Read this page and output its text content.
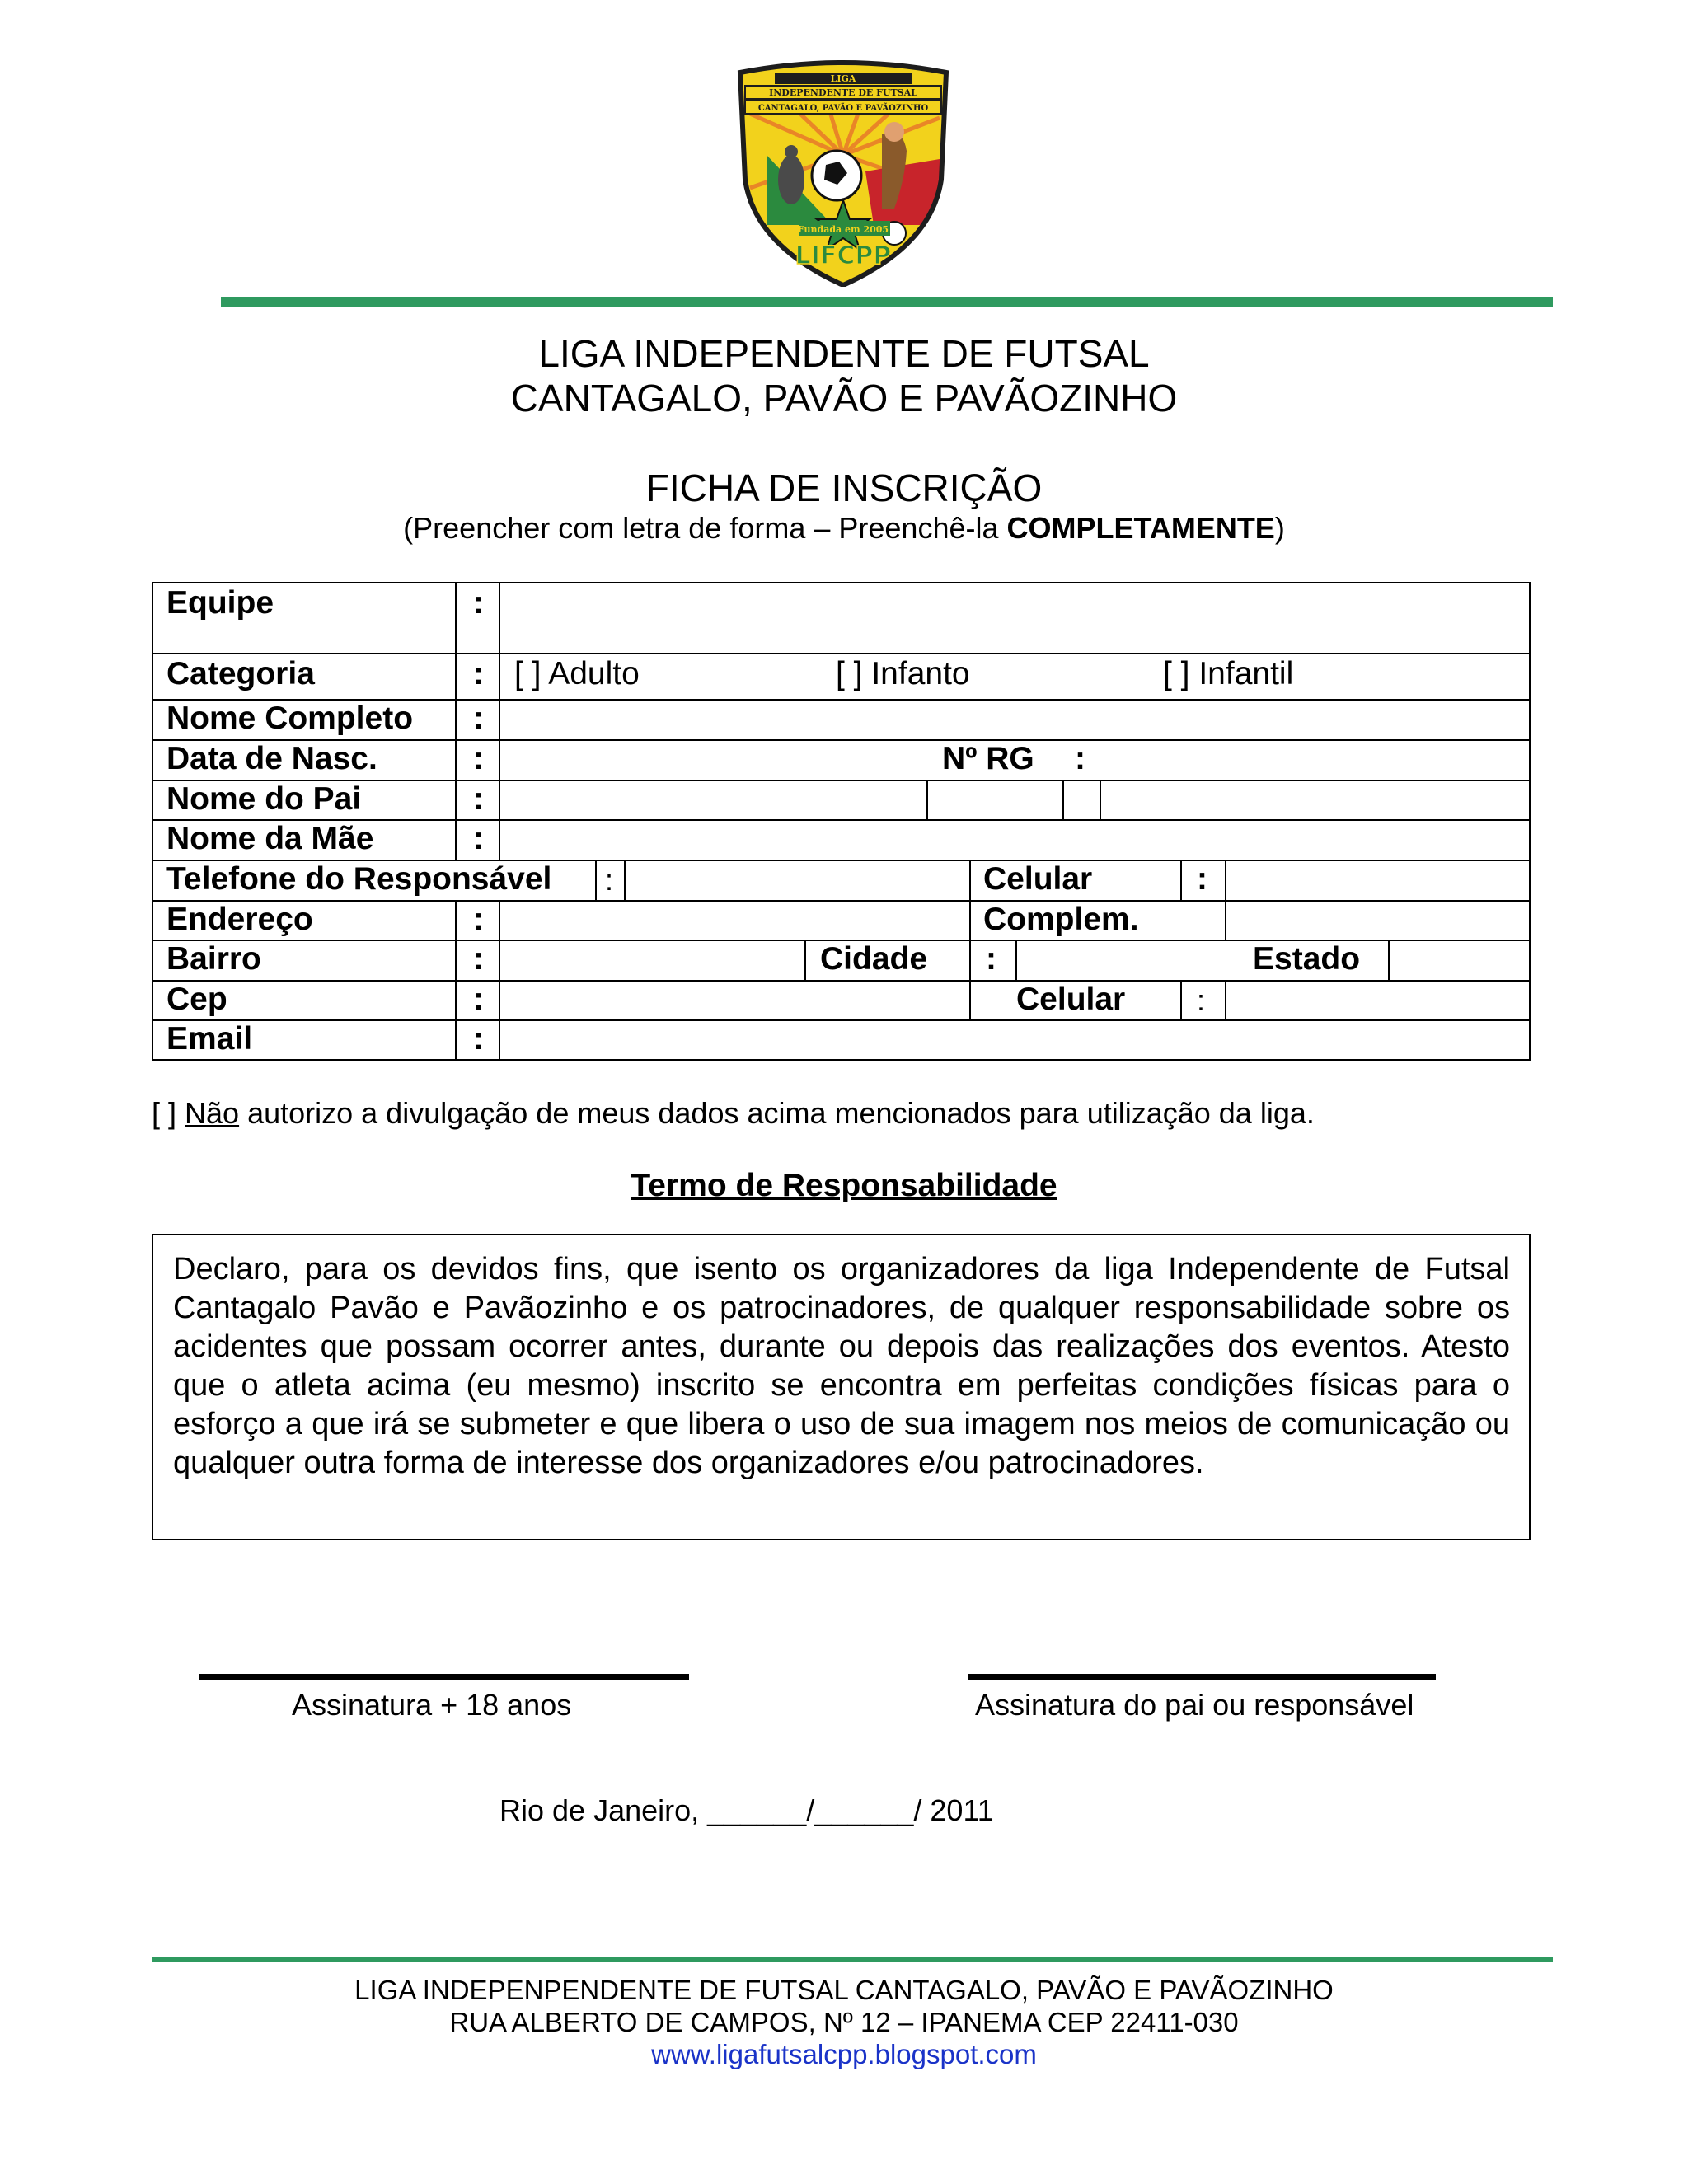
LIGA
INDEPENDENTE DE FUTSAL
CANTAGALO, PAVÃO E PAVÃOZINHO
Fundada em 2005
LIFCPP
LIGA INDEPENDENTE DE FUTSAL
CANTAGALO, PAVÃO E PAVÃOZINHO
FICHA DE INSCRIÇÃO
(Preencher com letra de forma – Preenchê-la COMPLETAMENTE)
Equipe	:
Categoria	: [ ] Adulto	[ ] Infanto	[ ] Infantil
Nome Completo :
Data de Nasc.	:	Nº RG :
Nome do Pai	:
Nome da Mãe	:
Telefone do Responsável :	Celular	:
Endereço	:	Complem.
Bairro	:	Cidade :	Estado
Cep	:	Celular :
Email	:
[ ] Não autorizo a divulgação de meus dados acima mencionados para utilização da liga.
Termo de Responsabilidade
Declaro, para os devidos fins, que isento os organizadores da liga Independente de Futsal Cantagalo Pavão e Pavãozinho e os patrocinadores, de qualquer responsabilidade sobre os acidentes que possam ocorrer antes, durante ou depois das realizações dos eventos. Atesto que o atleta acima (eu mesmo) inscrito se encontra em perfeitas condições físicas para o esforço a que irá se submeter e que libera o uso de sua imagem nos meios de comunicação ou qualquer outra forma de interesse dos organizadores e/ou patrocinadores.
Assinatura + 18 anos	Assinatura do pai ou responsável
Rio de Janeiro, ______/______/ 2011
LIGA INDEPENPENDENTE DE FUTSAL CANTAGALO, PAVÃO E PAVÃOZINHO
RUA ALBERTO DE CAMPOS, Nº 12 – IPANEMA CEP 22411-030
www.ligafutsalcpp.blogspot.com
